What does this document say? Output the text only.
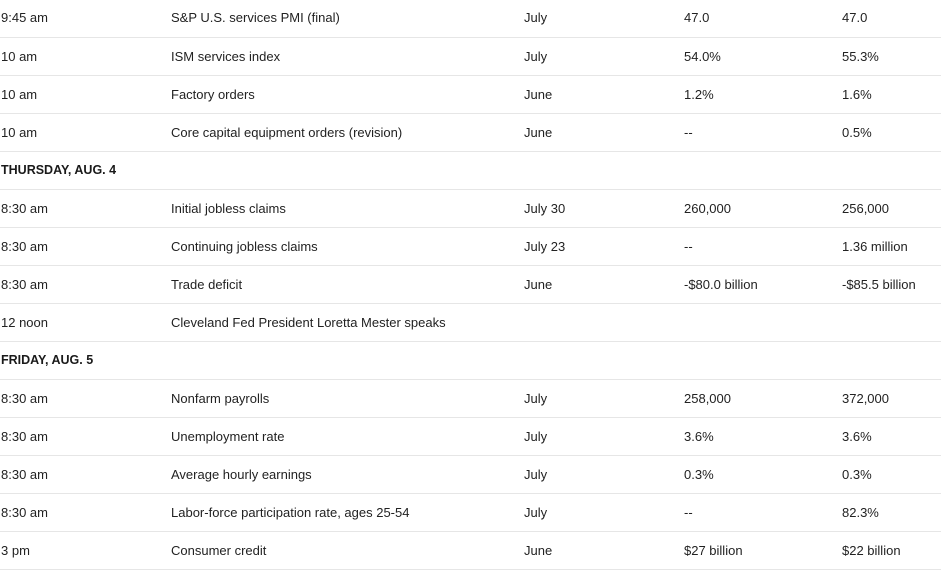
9:45 am	S&P U.S. services PMI (final)	July	47.0	47.0
10 am	ISM services index	July	54.0%	55.3%
10 am	Factory orders	June	1.2%	1.6%
10 am	Core capital equipment orders (revision)	June	--	0.5%
THURSDAY, AUG. 4
8:30 am	Initial jobless claims	July 30	260,000	256,000
8:30 am	Continuing jobless claims	July 23	--	1.36 million
8:30 am	Trade deficit	June	-$80.0 billion	-$85.5 billion
12 noon	Cleveland Fed President Loretta Mester speaks
FRIDAY, AUG. 5
8:30 am	Nonfarm payrolls	July	258,000	372,000
8:30 am	Unemployment rate	July	3.6%	3.6%
8:30 am	Average hourly earnings	July	0.3%	0.3%
8:30 am	Labor-force participation rate, ages 25-54	July	--	82.3%
3 pm	Consumer credit	June	$27 billion	$22 billion
